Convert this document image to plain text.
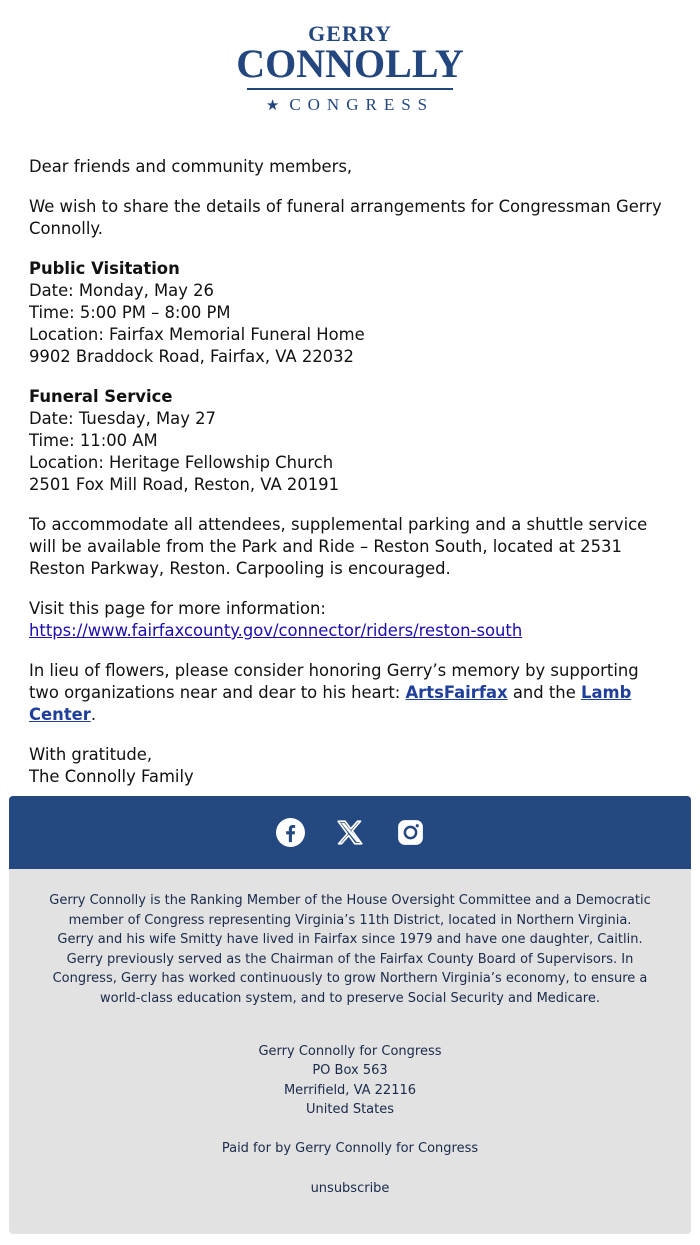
GERRY
CONNOLLY
★CONGRESS

Dear friends and community members,

We wish to share the details of funeral arrangements for Congressman Gerry Connolly.

Public Visitation
Date: Monday, May 26
Time: 5:00 PM – 8:00 PM
Location: Fairfax Memorial Funeral Home
9902 Braddock Road, Fairfax, VA 22032

Funeral Service
Date: Tuesday, May 27
Time: 11:00 AM
Location: Heritage Fellowship Church
2501 Fox Mill Road, Reston, VA 20191

To accommodate all attendees, supplemental parking and a shuttle service will be available from the Park and Ride – Reston South, located at 2531 Reston Parkway, Reston. Carpooling is encouraged.

Visit this page for more information:
https://www.fairfaxcounty.gov/connector/riders/reston-south

In lieu of flowers, please consider honoring Gerry’s memory by supporting two organizations near and dear to his heart: ArtsFairfax and the Lamb Center.

With gratitude,
The Connolly Family

Gerry Connolly is the Ranking Member of the House Oversight Committee and a Democratic member of Congress representing Virginia’s 11th District, located in Northern Virginia. Gerry and his wife Smitty have lived in Fairfax since 1979 and have one daughter, Caitlin. Gerry previously served as the Chairman of the Fairfax County Board of Supervisors. In Congress, Gerry has worked continuously to grow Northern Virginia’s economy, to ensure a world-class education system, and to preserve Social Security and Medicare.
Gerry Connolly for Congress
PO Box 563
Merrifield, VA 22116
United States
Paid for by Gerry Connolly for Congress
unsubscribe
